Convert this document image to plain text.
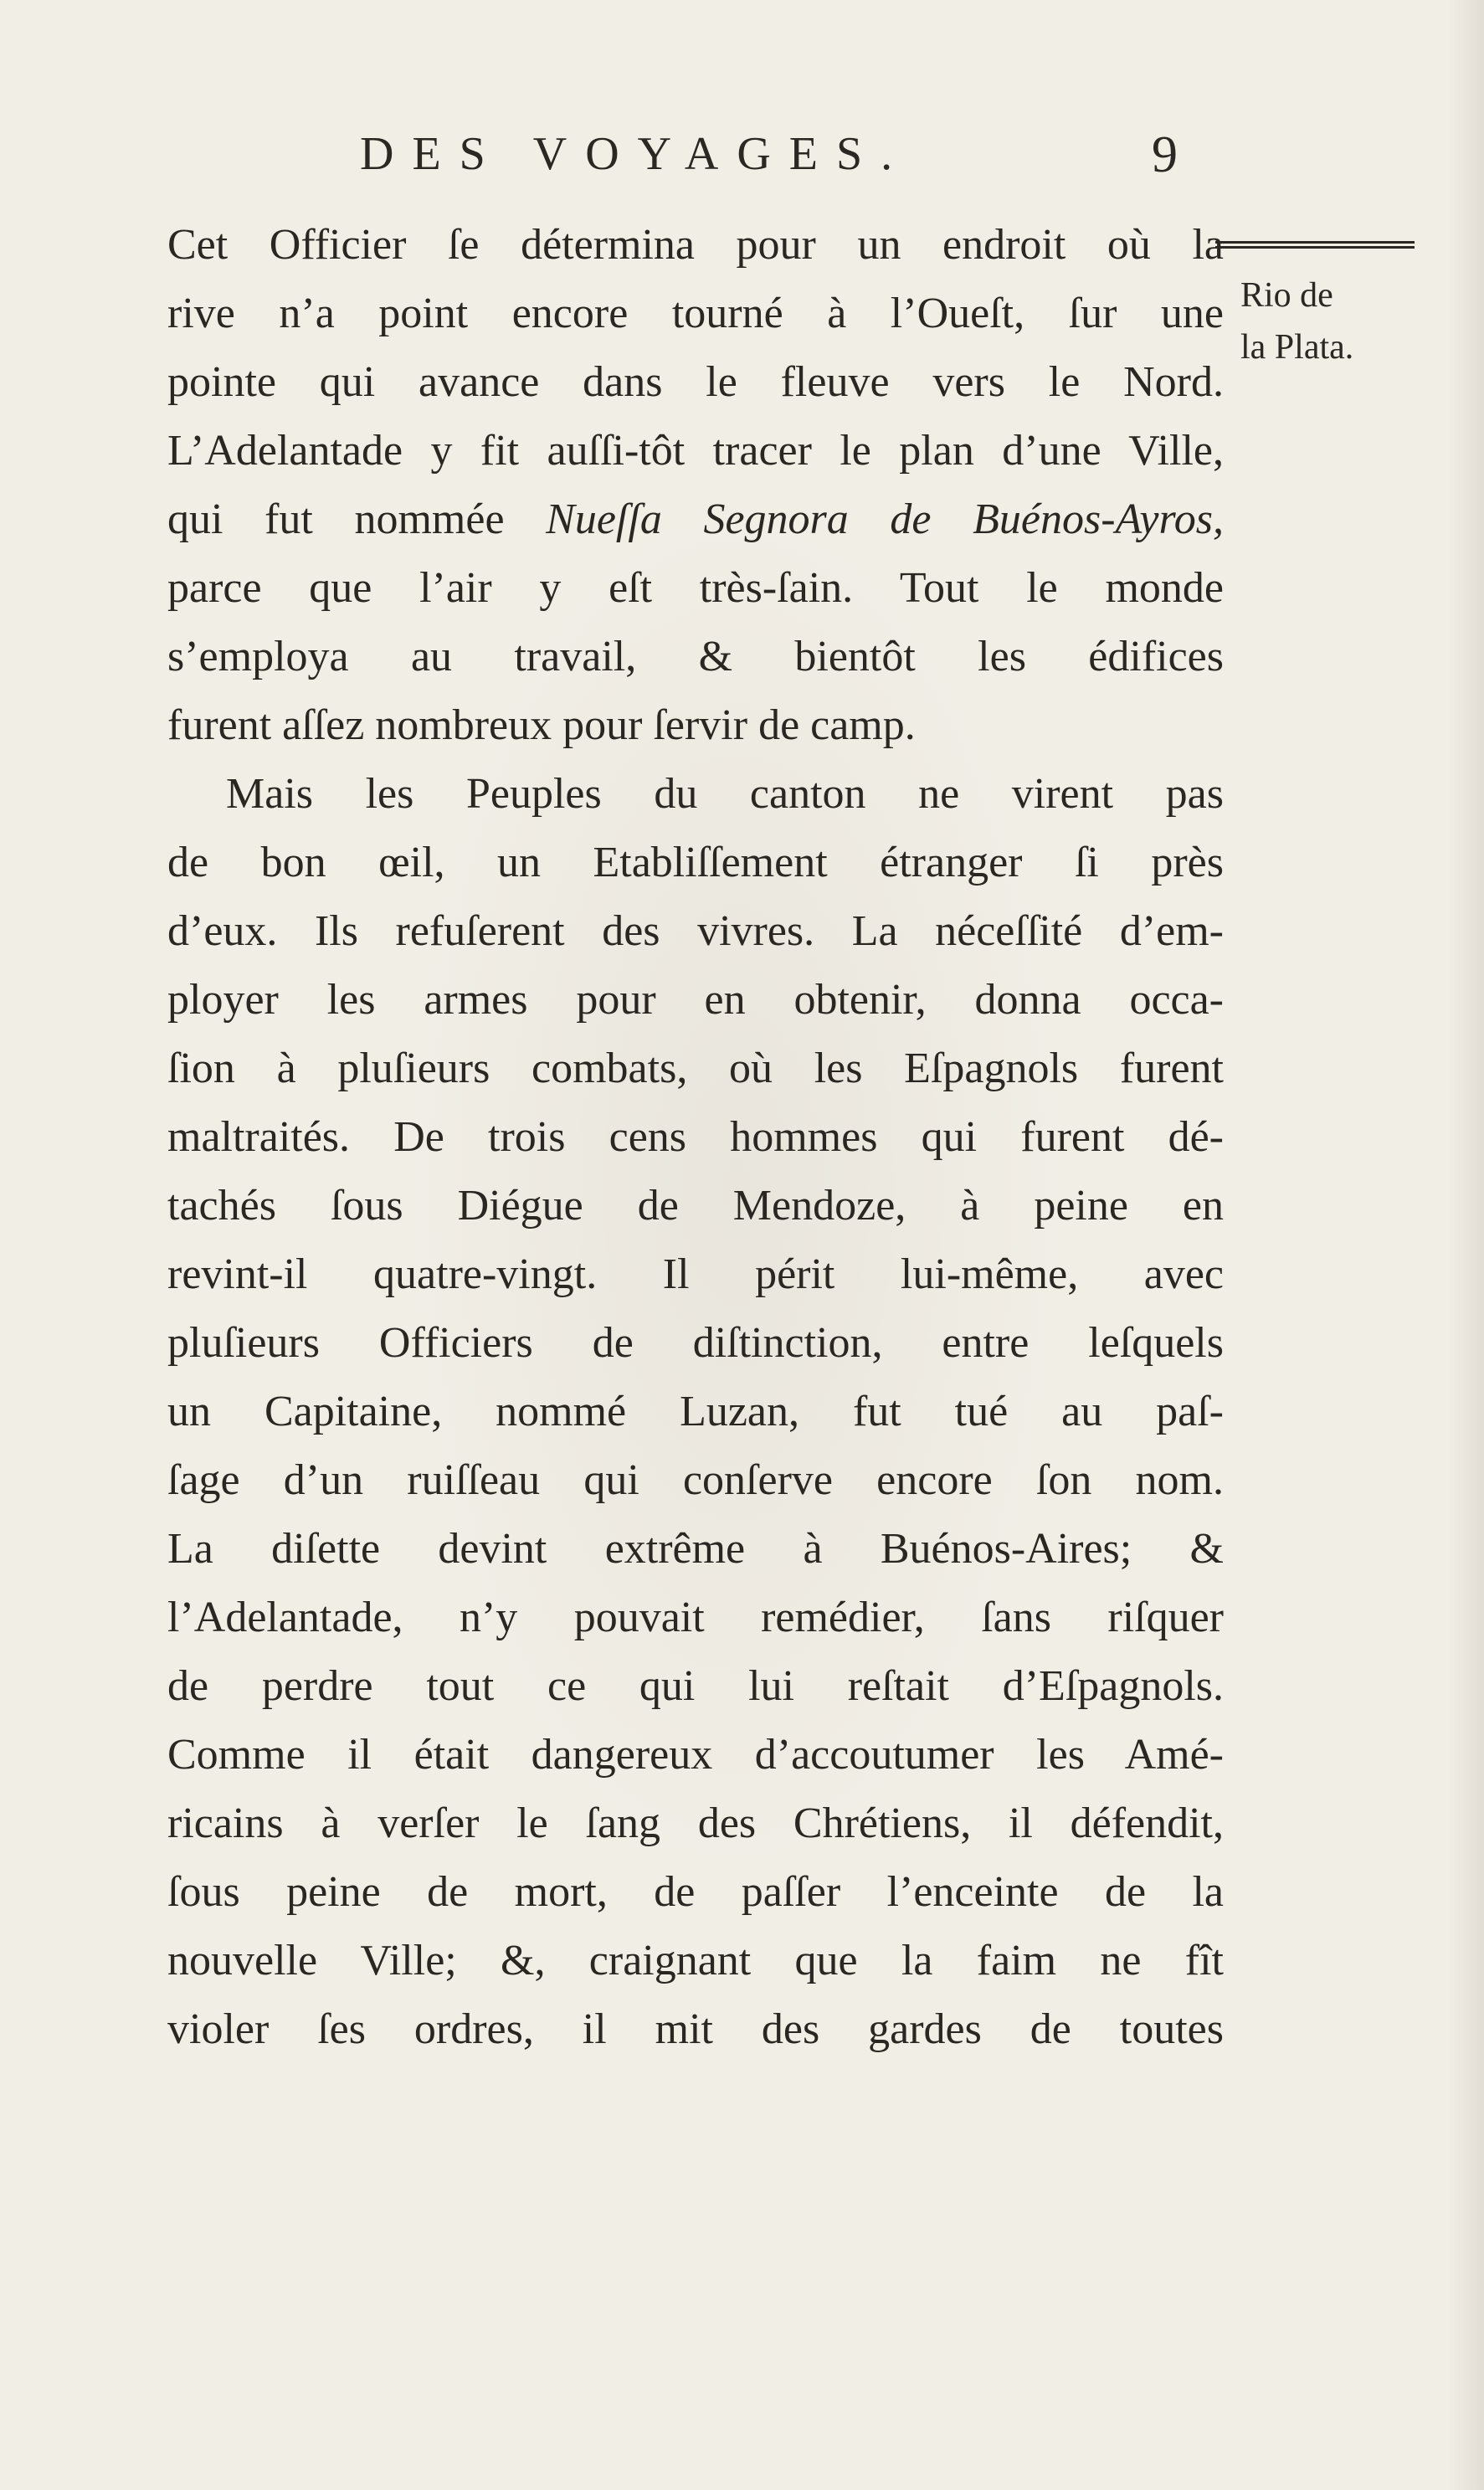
DES VOYAGES.	9
Rio de
la Plata.
Cet Officier ſe détermina pour un endroit où la
rive n’a point encore tourné à l’Oueſt, ſur une
pointe qui avance dans le fleuve vers le Nord.
L’Adelantade y fit auſſi-tôt tracer le plan d’une Ville,
qui fut nommée Nueſſa Segnora de Buénos-Ayros,
parce que l’air y eſt très-ſain. Tout le monde
s’employa au travail, & bientôt les édifices
furent aſſez nombreux pour ſervir de camp.
Mais les Peuples du canton ne virent pas
de bon œil, un Etabliſſement étranger ſi près
d’eux. Ils refuſerent des vivres. La néceſſité d’em-
ployer les armes pour en obtenir, donna occa-
ſion à pluſieurs combats, où les Eſpagnols furent
maltraités. De trois cens hommes qui furent dé-
tachés ſous Diégue de Mendoze, à peine en
revint-il quatre-vingt. Il périt lui-même, avec
pluſieurs Officiers de diſtinction, entre leſquels
un Capitaine, nommé Luzan, fut tué au paſ-
ſage d’un ruiſſeau qui conſerve encore ſon nom.
La diſette devint extrême à Buénos-Aires; &
l’Adelantade, n’y pouvait remédier, ſans riſquer
de perdre tout ce qui lui reſtait d’Eſpagnols.
Comme il était dangereux d’accoutumer les Amé-
ricains à verſer le ſang des Chrétiens, il défendit,
ſous peine de mort, de paſſer l’enceinte de la
nouvelle Ville; &, craignant que la faim ne fît
violer ſes ordres, il mit des gardes de toutes
